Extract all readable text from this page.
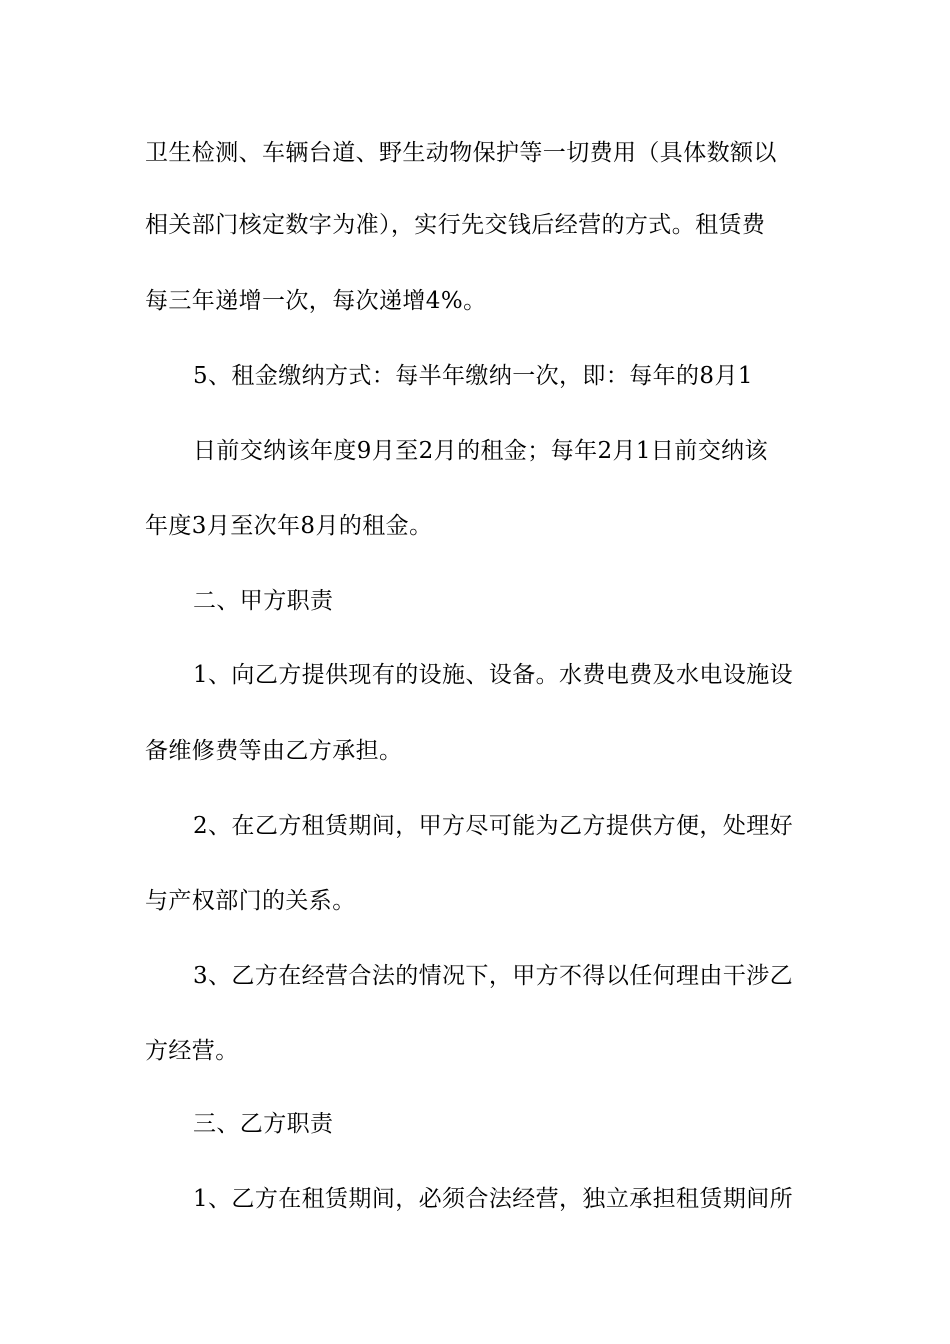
卫生检测、车辆台道、野生动物保护等一切费用（具体数额以
相关部门核定数字为准），实行先交钱后经营的方式。租赁费
每三年递增一次，每次递增4%。
5、租金缴纳方式：每半年缴纳一次，即：每年的8月1
日前交纳该年度9月至2月的租金；每年2月1日前交纳该
年度3月至次年8月的租金。
二、甲方职责
1、向乙方提供现有的设施、设备。水费电费及水电设施设
备维修费等由乙方承担。
2、在乙方租赁期间，甲方尽可能为乙方提供方便，处理好
与产权部门的关系。
3、乙方在经营合法的情况下，甲方不得以任何理由干涉乙
方经营。
三、乙方职责
1、乙方在租赁期间，必须合法经营，独立承担租赁期间所
